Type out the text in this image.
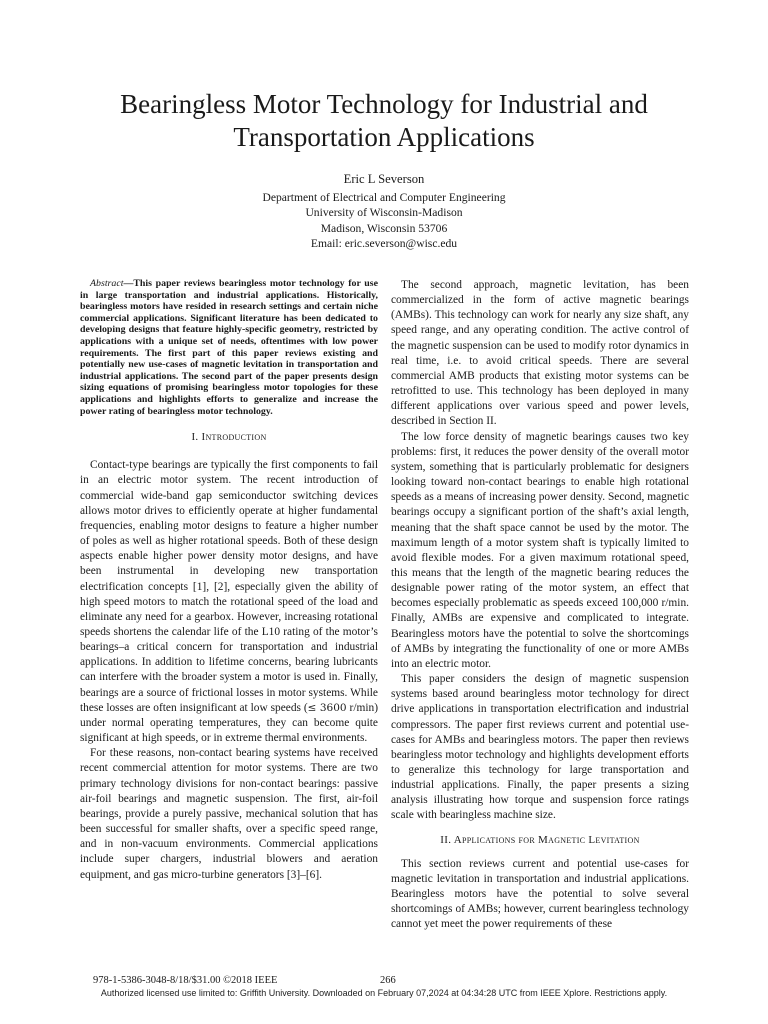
Bearingless Motor Technology for Industrial and
Transportation Applications
Eric L Severson
Department of Electrical and Computer Engineering
University of Wisconsin-Madison
Madison, Wisconsin 53706
Email: eric.severson@wisc.edu

Abstract—This paper reviews bearingless motor technology for use in large transportation and industrial applications. Historically, bearingless motors have resided in research settings and certain niche commercial applications. Significant literature has been dedicated to developing designs that feature highly-specific geometry, restricted by applications with a unique set of needs, oftentimes with low power requirements. The first part of this paper reviews existing and potentially new use-cases of magnetic levitation in transportation and industrial applications. The second part of the paper presents design sizing equations of promising bearingless motor topologies for these applications and highlights efforts to generalize and increase the power rating of bearingless motor technology.

I. Introduction

Contact-type bearings are typically the first components to fail in an electric motor system. The recent introduction of commercial wide-band gap semiconductor switching devices allows motor drives to efficiently operate at higher fundamental frequencies, enabling motor designs to feature a higher number of poles as well as higher rotational speeds. Both of these design aspects enable higher power density motor designs, and have been instrumental in developing new transportation electrification concepts [1], [2], especially given the ability of high speed motors to match the rotational speed of the load and eliminate any need for a gearbox. However, increasing rotational speeds shortens the calendar life of the L10 rating of the motor’s bearings–a critical concern for transportation and industrial applications. In addition to lifetime concerns, bearing lubricants can interfere with the broader system a motor is used in. Finally, bearings are a source of frictional losses in motor systems. While these losses are often insignificant at low speeds (≤ 3600 r/min) under normal operating temperatures, they can become quite significant at high speeds, or in extreme thermal environments.

For these reasons, non-contact bearing systems have received recent commercial attention for motor systems. There are two primary technology divisions for non-contact bearings: passive air-foil bearings and magnetic suspension. The first, air-foil bearings, provide a purely passive, mechanical solution that has been successful for smaller shafts, over a specific speed range, and in non-vacuum environments. Commercial applications include super chargers, industrial blowers and aeration equipment, and gas micro-turbine generators [3]–[6].

The second approach, magnetic levitation, has been commercialized in the form of active magnetic bearings (AMBs). This technology can work for nearly any size shaft, any speed range, and any operating condition. The active control of the magnetic suspension can be used to modify rotor dynamics in real time, i.e. to avoid critical speeds. There are several commercial AMB products that existing motor systems can be retrofitted to use. This technology has been deployed in many different applications over various speed and power levels, described in Section II.

The low force density of magnetic bearings causes two key problems: first, it reduces the power density of the overall motor system, something that is particularly problematic for designers looking toward non-contact bearings to enable high rotational speeds as a means of increasing power density. Second, magnetic bearings occupy a significant portion of the shaft’s axial length, meaning that the shaft space cannot be used by the motor. The maximum length of a motor system shaft is typically limited to avoid flexible modes. For a given maximum rotational speed, this means that the length of the magnetic bearing reduces the designable power rating of the motor system, an effect that becomes especially problematic as speeds exceed 100,000 r/min. Finally, AMBs are expensive and complicated to integrate. Bearingless motors have the potential to solve the shortcomings of AMBs by integrating the functionality of one or more AMBs into an electric motor.

This paper considers the design of magnetic suspension systems based around bearingless motor technology for direct drive applications in transportation electrification and industrial compressors. The paper first reviews current and potential use-cases for AMBs and bearingless motors. The paper then reviews bearingless motor technology and highlights development efforts to generalize this technology for large transportation and industrial applications. Finally, the paper presents a sizing analysis illustrating how torque and suspension force ratings scale with bearingless machine size.

II. Applications for Magnetic Levitation

This section reviews current and potential use-cases for magnetic levitation in transportation and industrial applications. Bearingless motors have the potential to solve several shortcomings of AMBs; however, current bearingless technology cannot yet meet the power requirements of these

978-1-5386-3048-8/18/$31.00 ©2018 IEEE	266
Authorized licensed use limited to: Griffith University. Downloaded on February 07,2024 at 04:34:28 UTC from IEEE Xplore. Restrictions apply.
